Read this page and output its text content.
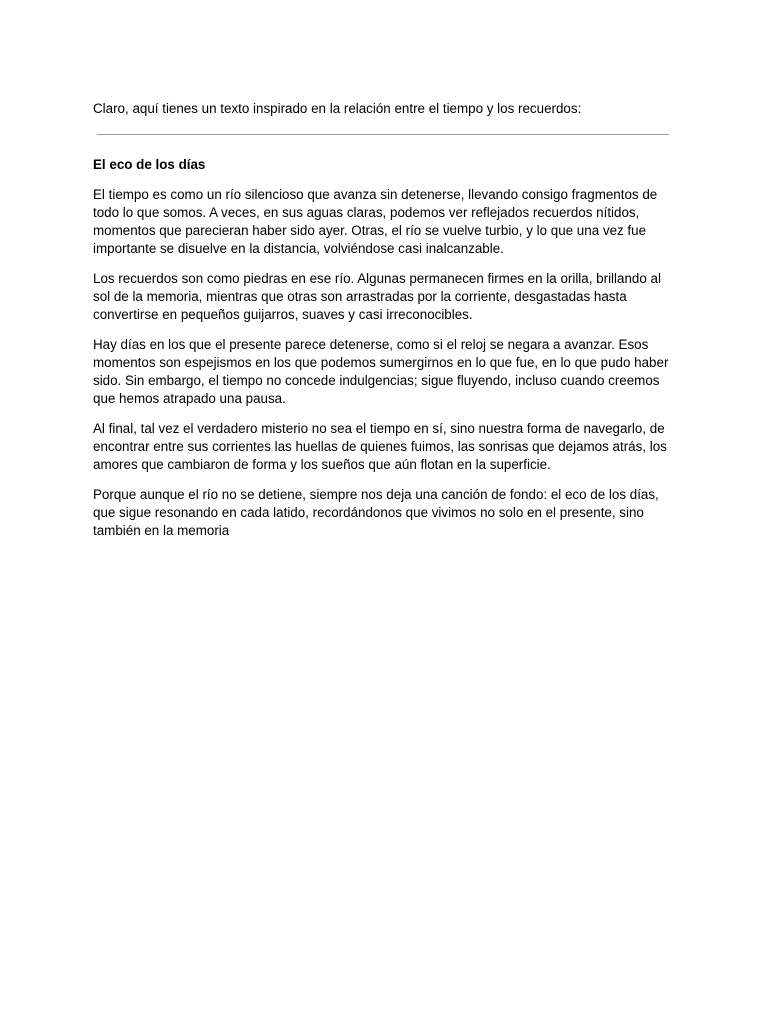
Claro, aquí tienes un texto inspirado en la relación entre el tiempo y los recuerdos:

El eco de los días

El tiempo es como un río silencioso que avanza sin detenerse, llevando consigo fragmentos de todo lo que somos. A veces, en sus aguas claras, podemos ver reflejados recuerdos nítidos, momentos que parecieran haber sido ayer. Otras, el río se vuelve turbio, y lo que una vez fue importante se disuelve en la distancia, volviéndose casi inalcanzable.

Los recuerdos son como piedras en ese río. Algunas permanecen firmes en la orilla, brillando al sol de la memoria, mientras que otras son arrastradas por la corriente, desgastadas hasta convertirse en pequeños guijarros, suaves y casi irreconocibles.

Hay días en los que el presente parece detenerse, como si el reloj se negara a avanzar. Esos momentos son espejismos en los que podemos sumergirnos en lo que fue, en lo que pudo haber sido. Sin embargo, el tiempo no concede indulgencias; sigue fluyendo, incluso cuando creemos que hemos atrapado una pausa.

Al final, tal vez el verdadero misterio no sea el tiempo en sí, sino nuestra forma de navegarlo, de encontrar entre sus corrientes las huellas de quienes fuimos, las sonrisas que dejamos atrás, los amores que cambiaron de forma y los sueños que aún flotan en la superficie.

Porque aunque el río no se detiene, siempre nos deja una canción de fondo: el eco de los días, que sigue resonando en cada latido, recordándonos que vivimos no solo en el presente, sino también en la memoria
